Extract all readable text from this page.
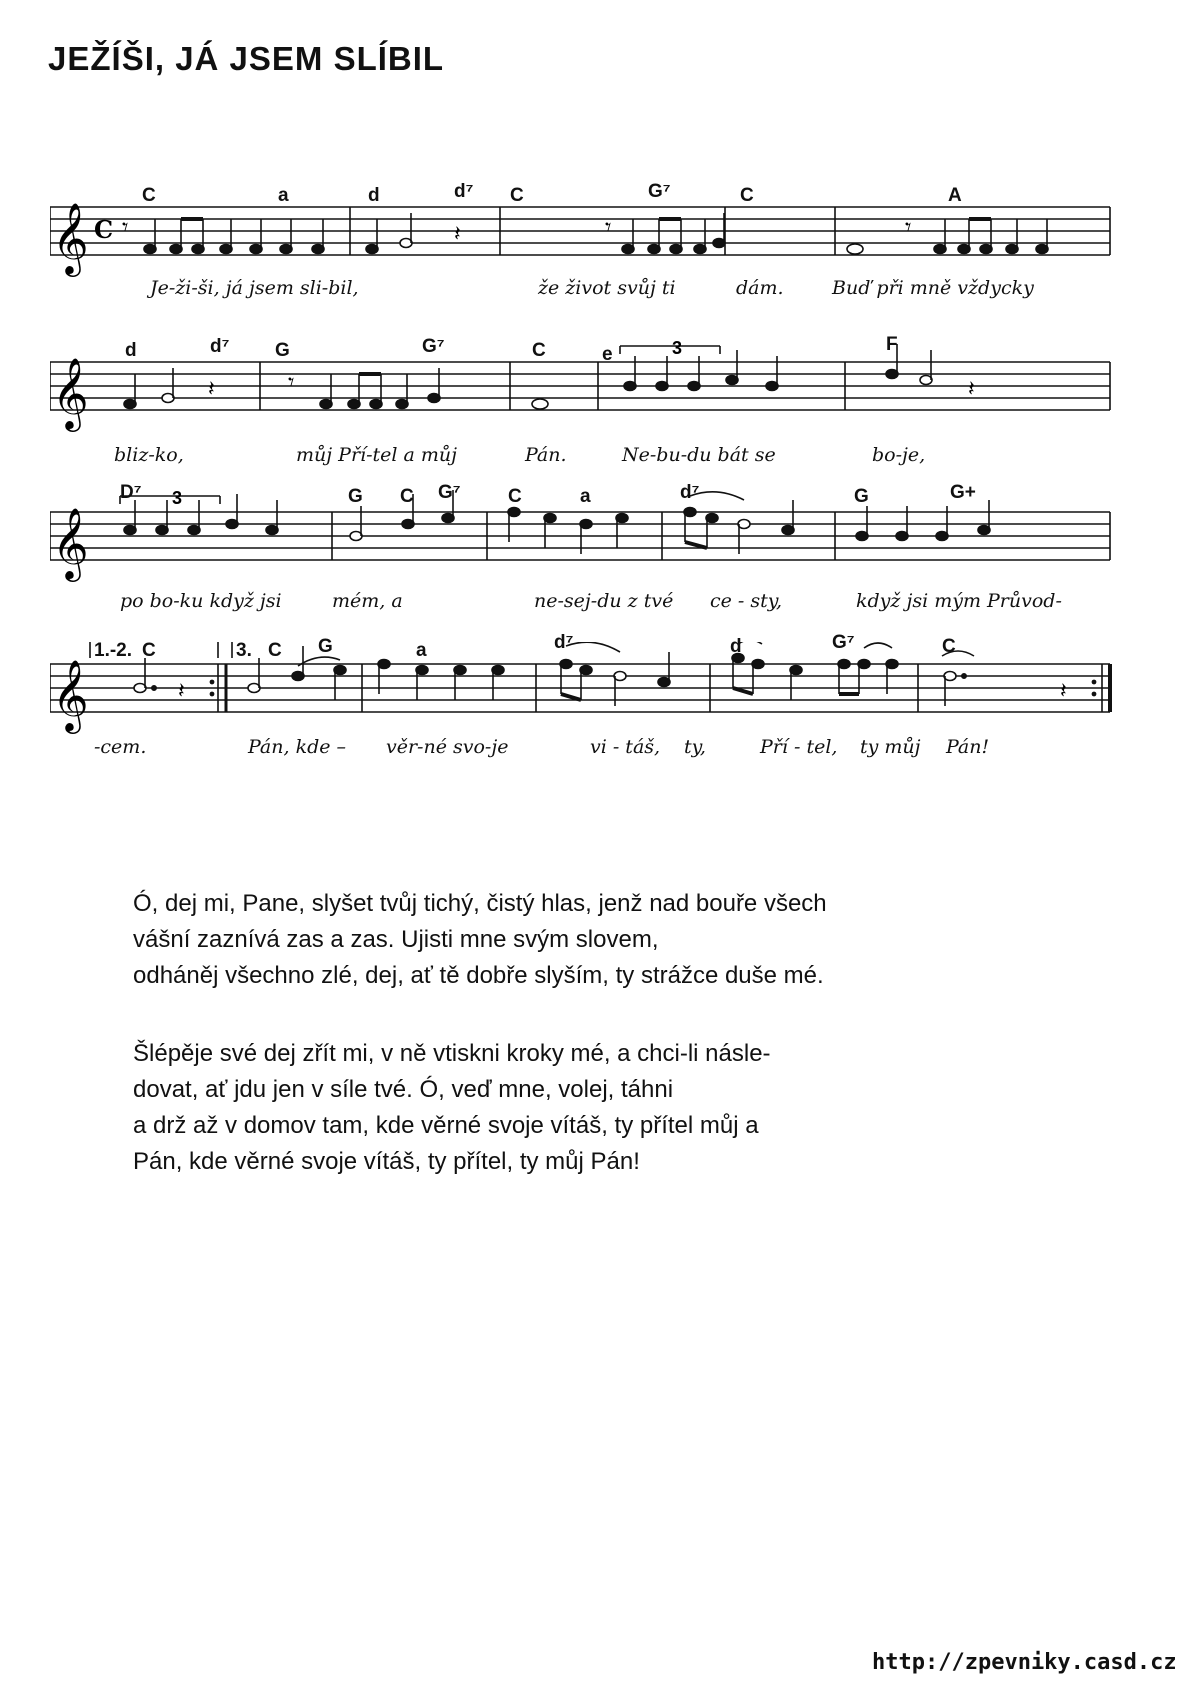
JEŽÍŠI, JÁ JSEM SLÍBIL
𝄞 C 𝄾	𝄽	𝄾	𝄾
C	a	d	d⁷ C	G⁷	C	A
Je-ži-ši, já jsem sli-bil,	že život svůj ti	dám.	Buď při mně vždycky
𝄞	𝄽	𝄾	𝄽
3
d	d⁷ G	G⁷	C	e	F
bliz-ko,	můj Pří-tel a můj	Pán.	Ne-bu-du bát se	bo-je,
𝄞
3
D⁷	G C G⁷ C	a	d⁷	G	G+
po bo-ku když jsi	mém, a	ne-sej-du z tvé ce - sty,	když jsi mým Průvod-
𝄞	𝄽	𝄽
1.-2.	3.
C	C G	a	d⁷	d	G⁷	C
-cem.	Pán, kde – věr-né svo-je	vi - táš, ty,	Pří - tel, ty můj Pán!
Ó, dej mi, Pane, slyšet tvůj tichý, čistý hlas, jenž nad bouře všech
vášní zaznívá zas a zas. Ujisti mne svým slovem,
odháněj všechno zlé, dej, ať tě dobře slyším, ty strážce duše mé.
Šlépěje své dej zřít mi, v ně vtiskni kroky mé, a chci-li násle-
dovat, ať jdu jen v síle tvé. Ó, veď mne, volej, táhni
a drž až v domov tam, kde věrné svoje vítáš, ty přítel můj a
Pán, kde věrné svoje vítáš, ty přítel, ty můj Pán!
http://zpevniky.casd.cz
